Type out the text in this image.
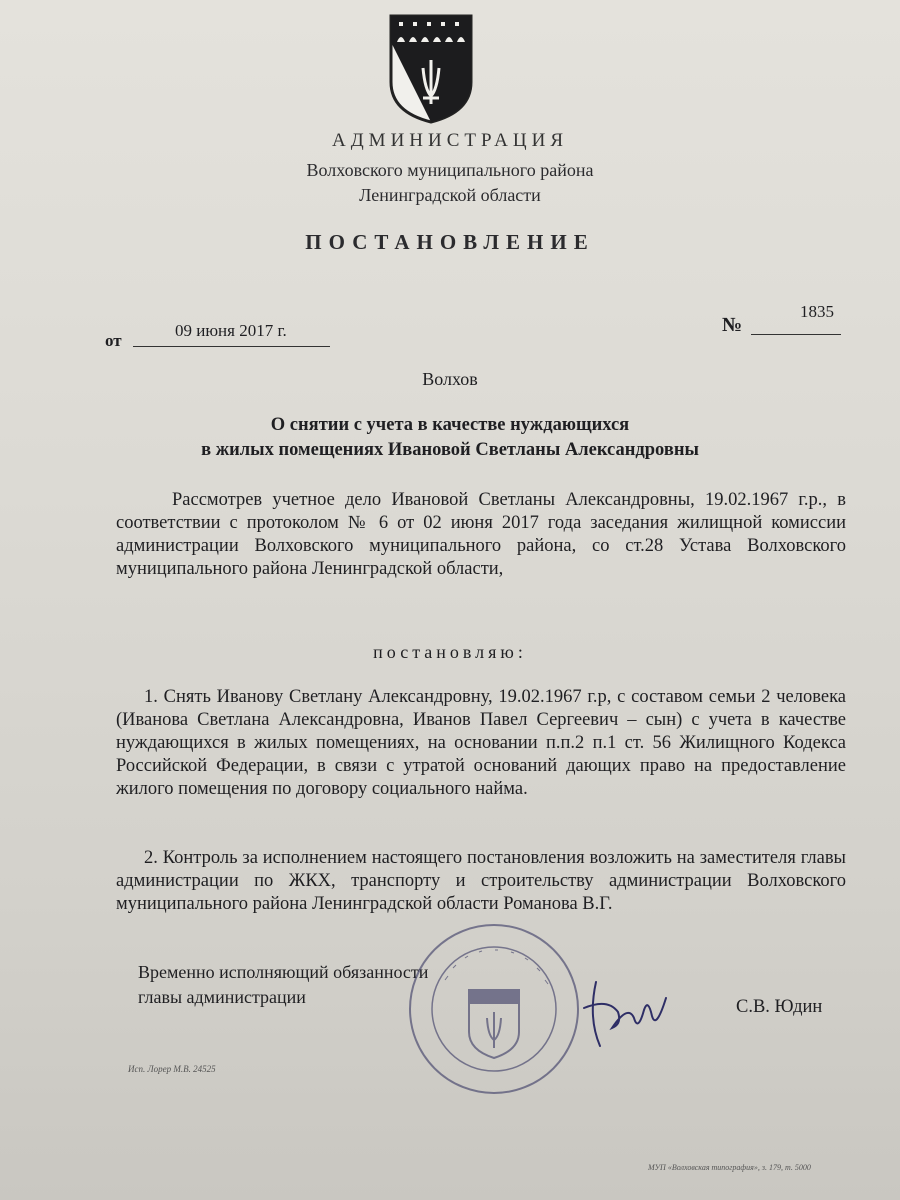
АДМИНИСТРАЦИЯ
Волховского муниципального района
Ленинградской области
ПОСТАНОВЛЕНИЕ
от
09 июня 2017 г.	№
1835
Волхов
О снятии с учета в качестве нуждающихся
в жилых помещениях Ивановой Светланы Александровны
Рассмотрев учетное дело Ивановой Светланы Александровны, 19.02.1967 г.р., в соответствии с протоколом № 6 от 02 июня 2017 года заседания жилищной комиссии администрации Волховского муниципального района, со ст.28 Устава Волховского муниципального района Ленинградской области,
постановляю:
1. Снять Иванову Светлану Александровну, 19.02.1967 г.р, с составом семьи 2 человека (Иванова Светлана Александровна, Иванов Павел Сергеевич – сын) с учета в качестве нуждающихся в жилых помещениях, на основании п.п.2 п.1 ст. 56 Жилищного Кодекса Российской Федерации, в связи с утратой оснований дающих право на предоставление жилого помещения по договору социального найма.
2. Контроль за исполнением настоящего постановления возложить на заместителя главы администрации по ЖКХ, транспорту и строительству администрации Волховского муниципального района Ленинградской области Романова В.Г.
Временно исполняющий обязанности
главы администрации	С.В. Юдин
Исп. Лорер М.В. 24525
МУП «Волховская типография», з. 179, т. 5000
